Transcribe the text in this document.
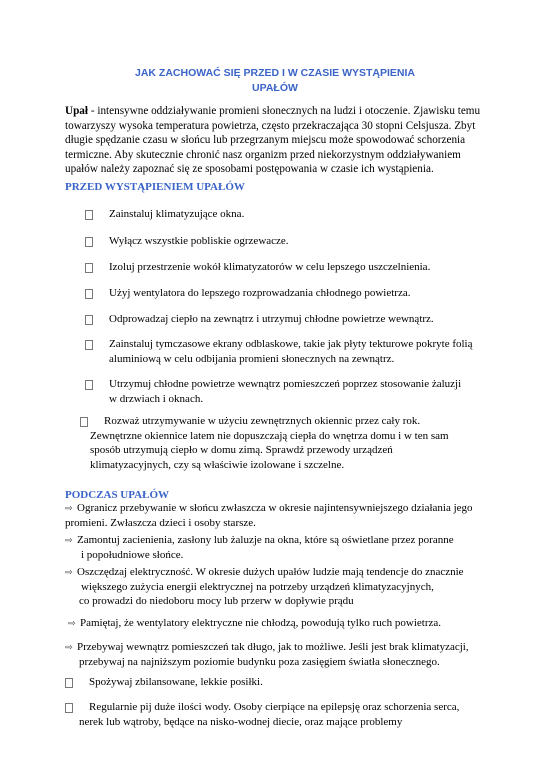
JAK ZACHOWAĆ SIĘ PRZED I W CZASIE WYSTĄPIENIA
UPAŁÓW
Upał - intensywne oddziaływanie promieni słonecznych na ludzi i otoczenie. Zjawisku temu
towarzyszy wysoka temperatura powietrza, często przekraczająca 30 stopni Celsjusza. Zbyt
długie spędzanie czasu w słońcu lub przegrzanym miejscu może spowodować schorzenia
termiczne. Aby skutecznie chronić nasz organizm przed niekorzystnym oddziaływaniem
upałów należy zapoznać się ze sposobami postępowania w czasie ich wystąpienia.
PRZED WYSTĄPIENIEM UPAŁÓW
Zainstaluj klimatyzujące okna.
Wyłącz wszystkie pobliskie ogrzewacze.
Izoluj przestrzenie wokół klimatyzatorów w celu lepszego uszczelnienia.
Użyj wentylatora do lepszego rozprowadzania chłodnego powietrza.
Odprowadzaj ciepło na zewnątrz i utrzymuj chłodne powietrze wewnątrz.
Zainstaluj tymczasowe ekrany odblaskowe, takie jak płyty tekturowe pokryte folią
aluminiową w celu odbijania promieni słonecznych na zewnątrz.
Utrzymuj chłodne powietrze wewnątrz pomieszczeń poprzez stosowanie żaluzji
w drzwiach i oknach.
Rozważ utrzymywanie w użyciu zewnętrznych okiennic przez cały rok.
Zewnętrzne okiennice latem nie dopuszczają ciepła do wnętrza domu i w ten sam
sposób utrzymują ciepło w domu zimą. Sprawdź przewody urządzeń
klimatyzacyjnych, czy są właściwie izolowane i szczelne.
PODCZAS UPAŁÓW
⇨ Ogranicz przebywanie w słońcu zwłaszcza w okresie najintensywniejszego działania jego
promieni. Zwłaszcza dzieci i osoby starsze.
⇨ Zamontuj zacienienia, zasłony lub żaluzje na okna, które są oświetlane przez poranne
i popołudniowe słońce.
⇨ Oszczędzaj elektryczność. W okresie dużych upałów ludzie mają tendencje do znacznie
większego zużycia energii elektrycznej na potrzeby urządzeń klimatyzacyjnych,
co prowadzi do niedoboru mocy lub przerw w dopływie prądu
⇨ Pamiętaj, że wentylatory elektryczne nie chłodzą, powodują tylko ruch powietrza.
⇨ Przebywaj wewnątrz pomieszczeń tak długo, jak to możliwe. Jeśli jest brak klimatyzacji,
przebywaj na najniższym poziomie budynku poza zasięgiem światła słonecznego.
Spożywaj zbilansowane, lekkie posiłki.
Regularnie pij duże ilości wody. Osoby cierpiące na epilepsję oraz schorzenia serca,
nerek lub wątroby, będące na nisko-wodnej diecie, oraz mające problemy
